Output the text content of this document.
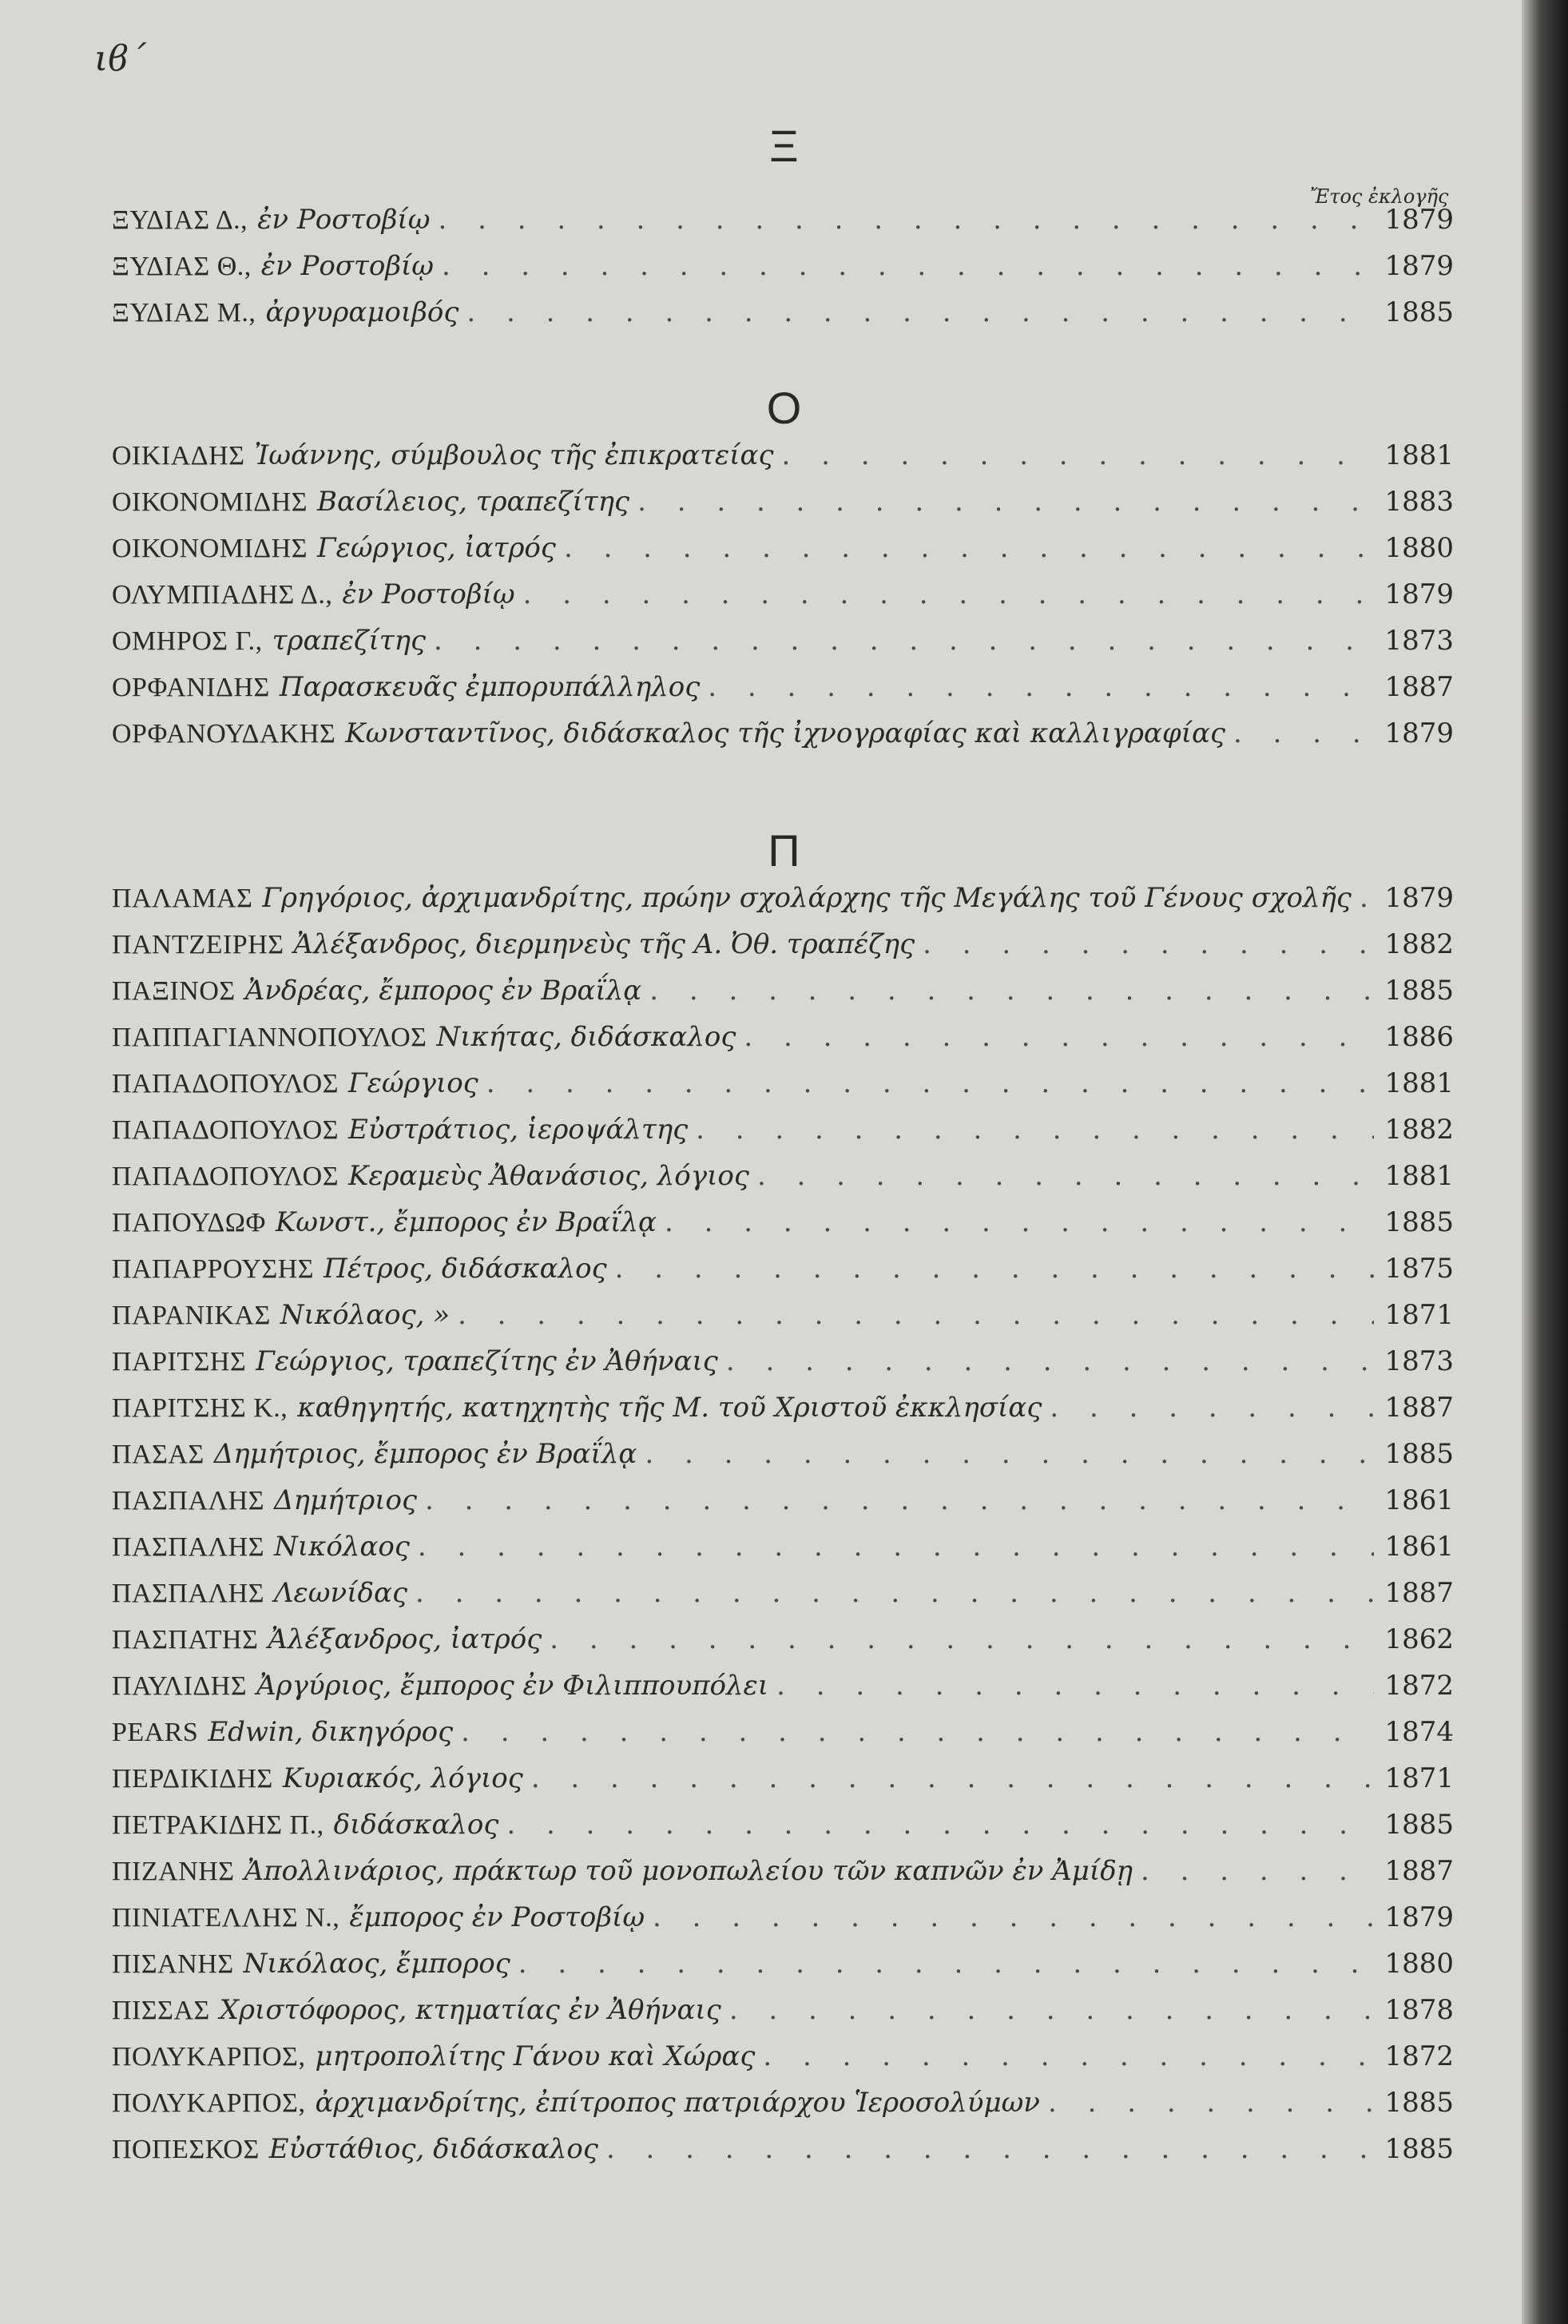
ιϐ΄
Ἔτος ἐκλογῆς
Ξ
ΞΥΔΙΑΣ Δ., ἐν Ροστοβίῳ . . .	1879
ΞΥΔΙΑΣ Θ., ἐν Ροστοβίῳ . . .	1879
ΞΥΔΙΑΣ Μ., ἀργυραμοιβός . . .	1885
Ο
ΟΙΚΙΑΔΗΣ Ἰωάννης, σύμβουλος τῆς ἐπικρατείας . . .	1881
ΟΙΚΟΝΟΜΙΔΗΣ Βασίλειος, τραπεζίτης . . .	1883
ΟΙΚΟΝΟΜΙΔΗΣ Γεώργιος, ἰατρός . . .	1880
ΟΛΥΜΠΙΑΔΗΣ Δ., ἐν Ροστοβίῳ . . .	1879
ΟΜΗΡΟΣ Γ., τραπεζίτης . . .	1873
ΟΡΦΑΝΙΔΗΣ Παρασκευᾶς ἐμπορυπάλληλος . . .	1887
ΟΡΦΑΝΟΥΔΑΚΗΣ Κωνσταντῖνος, διδάσκαλος τῆς ἰχνογραφίας καὶ καλλιγραφίας . . .	1879
Π
ΠΑΛΑΜΑΣ Γρηγόριος, ἀρχιμανδρίτης, πρώην σχολάρχης τῆς Μεγάλης τοῦ Γένους σχολῆς . . . 1879
ΠΑΝΤΖΕΙΡΗΣ Ἀλέξανδρος, διερμηνεὺς τῆς Α. Ὀθ. τραπέζης . . .	1882
ΠΑΞΙΝΟΣ Ἀνδρέας, ἔμπορος ἐν Βραΐλᾳ . . .	1885
ΠΑΠΠΑΓΙΑΝΝΟΠΟΥΛΟΣ Νικήτας, διδάσκαλος . . .	1886
ΠΑΠΑΔΟΠΟΥΛΟΣ Γεώργιος . . .	1881
ΠΑΠΑΔΟΠΟΥΛΟΣ Εὐστράτιος, ἱεροψάλτης . . .	1882
ΠΑΠΑΔΟΠΟΥΛΟΣ Κεραμεὺς Ἀθανάσιος, λόγιος . . .	1881
ΠΑΠΟΥΔΩΦ Κωνστ., ἔμπορος ἐν Βραΐλᾳ . . .	1885
ΠΑΠΑΡΡΟΥΣΗΣ Πέτρος, διδάσκαλος . . .	1875
ΠΑΡΑΝΙΚΑΣ Νικόλαος, » . . .	1871
ΠΑΡΙΤΣΗΣ Γεώργιος, τραπεζίτης ἐν Ἀθήναις . . .	1873
ΠΑΡΙΤΣΗΣ Κ., καθηγητής, κατηχητὴς τῆς Μ. τοῦ Χριστοῦ ἐκκλησίας . . .	1887
ΠΑΣΑΣ Δημήτριος, ἔμπορος ἐν Βραΐλᾳ . . .	1885
ΠΑΣΠΑΛΗΣ Δημήτριος . . .	1861
ΠΑΣΠΑΛΗΣ Νικόλαος . . .	1861
ΠΑΣΠΑΛΗΣ Λεωνίδας . . .	1887
ΠΑΣΠΑΤΗΣ Ἀλέξανδρος, ἰατρός . . .	1862
ΠΑΥΛΙΔΗΣ Ἀργύριος, ἔμπορος ἐν Φιλιππουπόλει . . .	1872
PEARS Edwin, δικηγόρος . . .	1874
ΠΕΡΔΙΚΙΔΗΣ Κυριακός, λόγιος . . .	1871
ΠΕΤΡΑΚΙΔΗΣ Π., διδάσκαλος . . .	1885
ΠΙΖΑΝΗΣ Ἀπολλινάριος, πράκτωρ τοῦ μονοπωλείου τῶν καπνῶν ἐν Ἀμίδῃ . . .	1887
ΠΙΝΙΑΤΕΛΛΗΣ Ν., ἔμπορος ἐν Ροστοβίῳ . . .	1879
ΠΙΣΑΝΗΣ Νικόλαος, ἔμπορος . . .	1880
ΠΙΣΣΑΣ Χριστόφορος, κτηματίας ἐν Ἀθήναις . . .	1878
ΠΟΛΥΚΑΡΠΟΣ, μητροπολίτης Γάνου καὶ Χώρας . . .	1872
ΠΟΛΥΚΑΡΠΟΣ, ἀρχιμανδρίτης, ἐπίτροπος πατριάρχου Ἱεροσολύμων . . .	1885
ΠΟΠΕΣΚΟΣ Εὐστάθιος, διδάσκαλος . . .	1885
